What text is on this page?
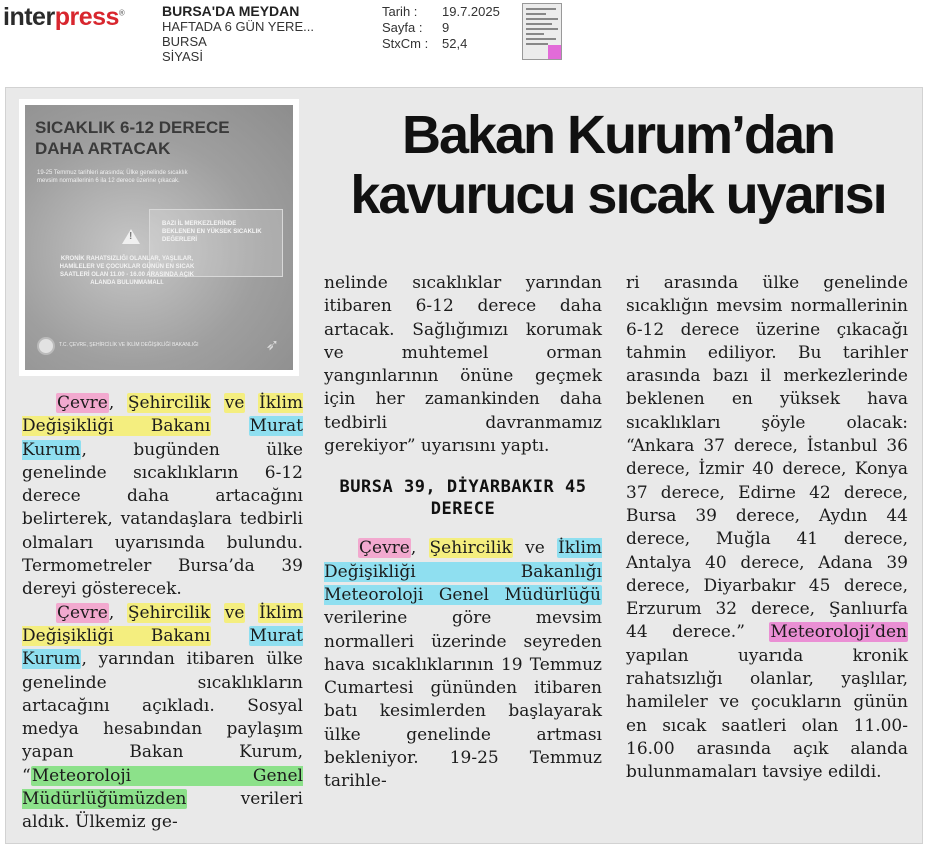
interpress®	BURSA'DA MEYDAN
HAFTADA 6 GÜN YERE...
BURSA
SİYASİ
Tarih :	19.7.2025
Sayfa :	9
StxCm :	52,4
SICAKLIK 6-12 DERECE
DAHA ARTACAK
19-25 Temmuz tarihleri arasında; Ülke genelinde sıcaklık mevsim normallerinin 6 ila 12 derece üzerine çıkacak.
BAZI İL MERKEZLERİNDE BEKLENEN EN YÜKSEK SICAKLIK DEĞERLERİ
!
KRONİK RAHATSIZLIĞI OLANLAR, YAŞLILAR, HAMİLELER VE ÇOCUKLAR GÜNÜN EN SICAK SAATLERİ OLAN 11.00 - 16.00 ARASINDA AÇIK ALANDA BULUNMAMALI.
T.C. ÇEVRE, ŞEHİRCİLİK VE İKLİM DEĞİŞİKLİĞİ BAKANLIĞI	➶
Bakan Kurum’dan kavurucu sıcak uyarısı

Çevre, Şehircilik ve İklim Değişikliği Bakanı Murat Kurum, bugünden ülke genelinde sıcaklıkların 6-12 derece daha artacağını belirterek, vatandaşlara tedbirli olmaları uyarısında bulundu. Termometreler Bursa’da 39 dereyi gösterecek.

Çevre, Şehircilik ve İklim Değişikliği Bakanı Murat Kurum, yarından itibaren ülke genelinde sıcaklıkların artacağını açıkladı. Sosyal medya hesabından paylaşım yapan Bakan Kurum, “Meteoroloji Genel Müdürlüğümüzden verileri aldık. Ülkemiz ge-

nelinde sıcaklıklar yarından itibaren 6-12 derece daha artacak. Sağlığımızı korumak ve muhtemel orman yangınlarının önüne geçmek için her zamankinden daha tedbirli davranmamız gerekiyor” uyarısını yaptı.

BURSA 39, DİYARBAKIR 45 DERECE

Çevre, Şehircilik ve İklim Değişikliği Bakanlığı Meteoroloji Genel Müdürlüğü verilerine göre mevsim normalleri üzerinde seyreden hava sıcaklıklarının 19 Temmuz Cumartesi gününden itibaren batı kesimlerden başlayarak ülke genelinde artması bekleniyor. 19-25 Temmuz tarihle-

ri arasında ülke genelinde sıcaklığın mevsim normallerinin 6-12 derece üzerine çıkacağı tahmin ediliyor. Bu tarihler arasında bazı il merkezlerinde beklenen en yüksek hava sıcaklıkları şöyle olacak: “Ankara 37 derece, İstanbul 36 derece, İzmir 40 derece, Konya 37 derece, Edirne 42 derece, Bursa 39 derece, Aydın 44 derece, Muğla 41 derece, Antalya 40 derece, Adana 39 derece, Diyarbakır 45 derece, Erzurum 32 derece, Şanlıurfa 44 derece.” Meteoroloji’den yapılan uyarıda kronik rahatsızlığı olanlar, yaşlılar, hamileler ve çocukların günün en sıcak saatleri olan 11.00-16.00 arasında açık alanda bulunmamaları tavsiye edildi.
